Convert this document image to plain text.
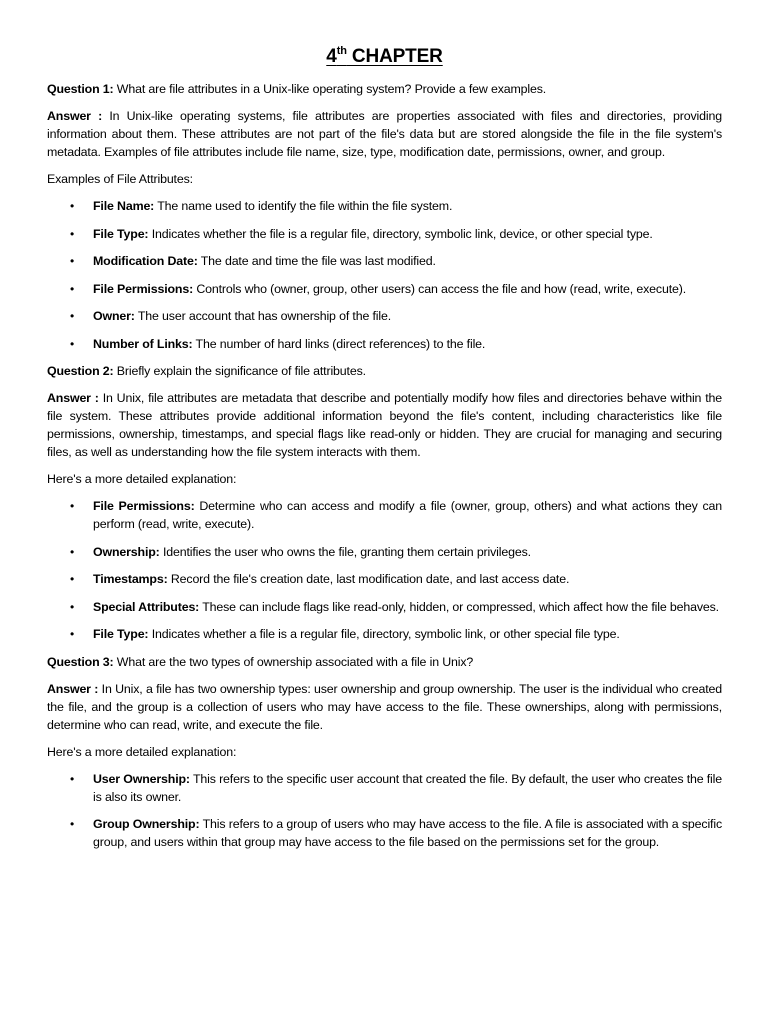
4th CHAPTER

Question 1: What are file attributes in a Unix-like operating system? Provide a few examples.

Answer : In Unix-like operating systems, file attributes are properties associated with files and directories, providing information about them. These attributes are not part of the file's data but are stored alongside the file in the file system's metadata. Examples of file attributes include file name, size, type, modification date, permissions, owner, and group.

Examples of File Attributes:

• File Name: The name used to identify the file within the file system.
• File Type: Indicates whether the file is a regular file, directory, symbolic link, device, or other special type.
• Modification Date: The date and time the file was last modified.
• File Permissions: Controls who (owner, group, other users) can access the file and how (read, write, execute).
• Owner: The user account that has ownership of the file.
• Number of Links: The number of hard links (direct references) to the file.

Question 2: Briefly explain the significance of file attributes.

Answer : In Unix, file attributes are metadata that describe and potentially modify how files and directories behave within the file system. These attributes provide additional information beyond the file's content, including characteristics like file permissions, ownership, timestamps, and special flags like read-only or hidden. They are crucial for managing and securing files, as well as understanding how the file system interacts with them.

Here's a more detailed explanation:

• File Permissions: Determine who can access and modify a file (owner, group, others) and what actions they can perform (read, write, execute).
• Ownership: Identifies the user who owns the file, granting them certain privileges.
• Timestamps: Record the file's creation date, last modification date, and last access date.
• Special Attributes: These can include flags like read-only, hidden, or compressed, which affect how the file behaves.
• File Type: Indicates whether a file is a regular file, directory, symbolic link, or other special file type.

Question 3: What are the two types of ownership associated with a file in Unix?

Answer : In Unix, a file has two ownership types: user ownership and group ownership. The user is the individual who created the file, and the group is a collection of users who may have access to the file. These ownerships, along with permissions, determine who can read, write, and execute the file.

Here's a more detailed explanation:

• User Ownership: This refers to the specific user account that created the file. By default, the user who creates the file is also its owner.
• Group Ownership: This refers to a group of users who may have access to the file. A file is associated with a specific group, and users within that group may have access to the file based on the permissions set for the group.
